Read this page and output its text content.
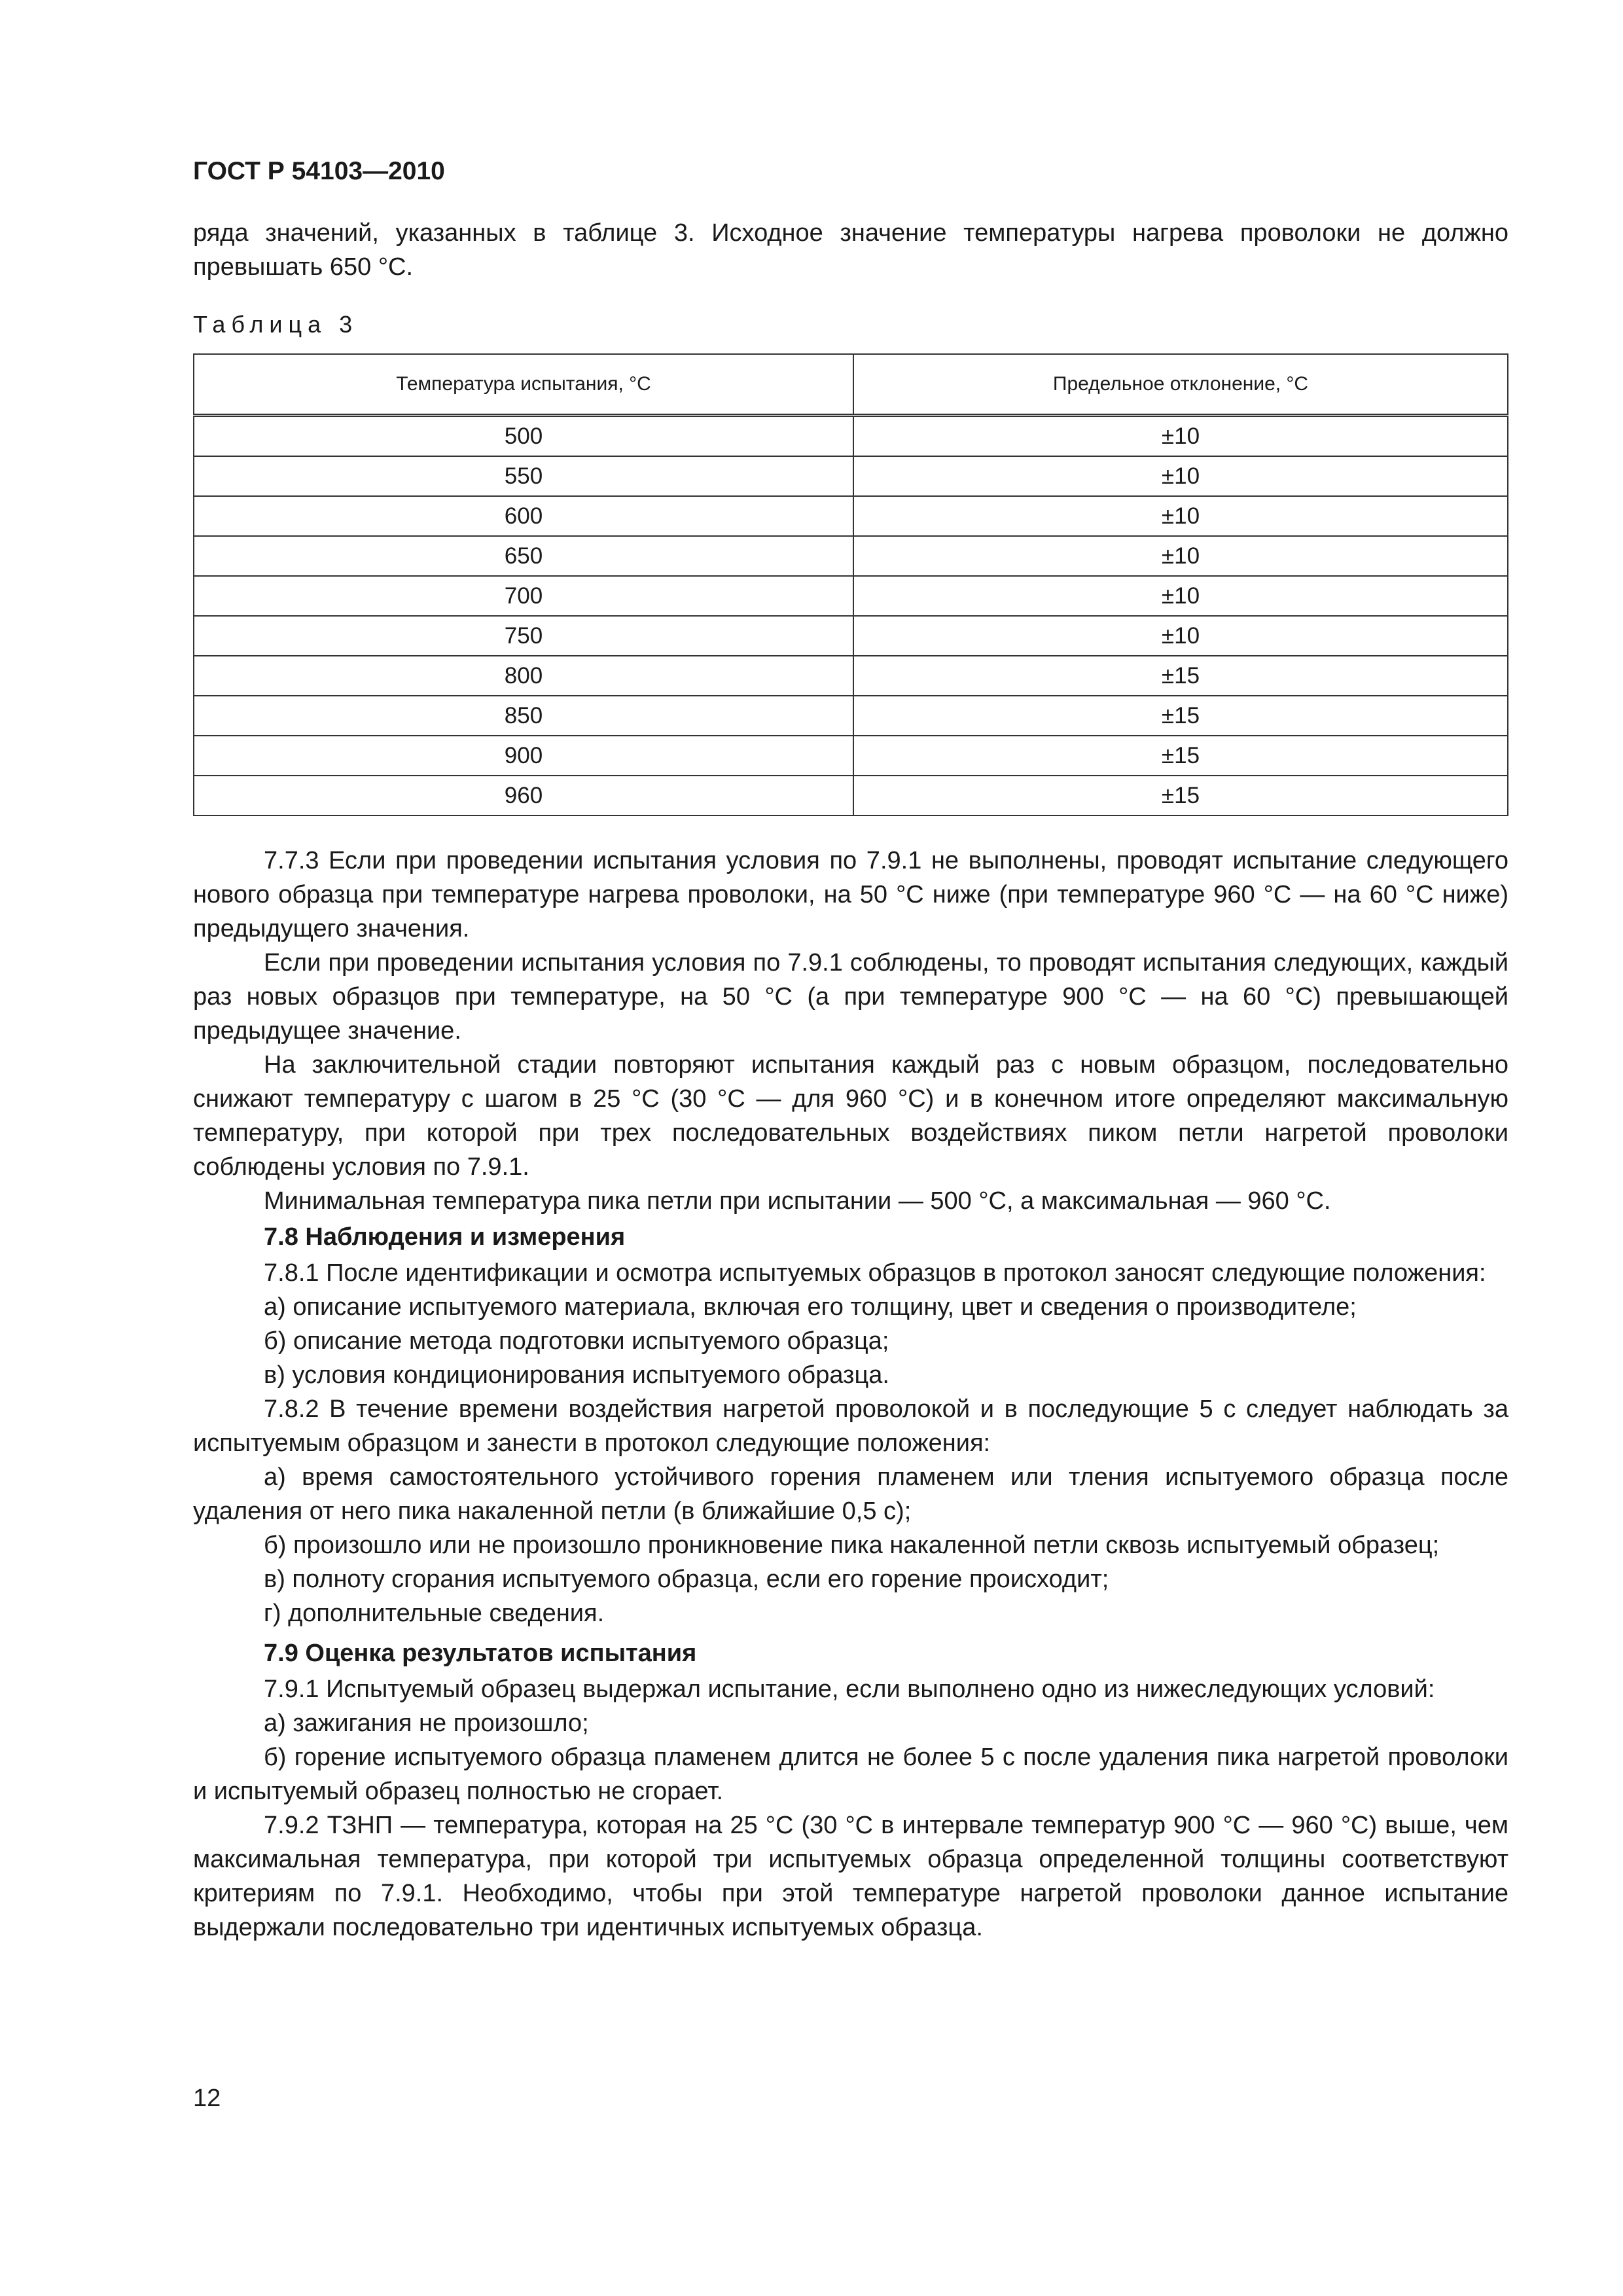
ГОСТ Р 54103—2010

ряда значений, указанных в таблице 3. Исходное значение температуры нагрева проволоки не должно превышать 650 °С.

Таблица 3
Температура испытания, °С	Предельное отклонение, °С
500	±10
550	±10
600	±10
650	±10
700	±10
750	±10
800	±15
850	±15
900	±15
960	±15

7.7.3 Если при проведении испытания условия по 7.9.1 не выполнены, проводят испытание следующего нового образца при температуре нагрева проволоки, на 50 °С ниже (при температуре 960 °С — на 60 °С ниже) предыдущего значения.

Если при проведении испытания условия по 7.9.1 соблюдены, то проводят испытания следующих, каждый раз новых образцов при температуре, на 50 °С (а при температуре 900 °С — на 60 °С) превышающей предыдущее значение.

На заключительной стадии повторяют испытания каждый раз с новым образцом, последовательно снижают температуру с шагом в 25 °С (30 °С — для 960 °С) и в конечном итоге определяют максимальную температуру, при которой при трех последовательных воздействиях пиком петли нагретой проволоки соблюдены условия по 7.9.1.

Минимальная температура пика петли при испытании — 500 °С, а максимальная — 960 °С.

7.8 Наблюдения и измерения

7.8.1 После идентификации и осмотра испытуемых образцов в протокол заносят следующие положения:

а) описание испытуемого материала, включая его толщину, цвет и сведения о производителе;

б) описание метода подготовки испытуемого образца;

в) условия кондиционирования испытуемого образца.

7.8.2 В течение времени воздействия нагретой проволокой и в последующие 5 с следует наблюдать за испытуемым образцом и занести в протокол следующие положения:

а) время самостоятельного устойчивого горения пламенем или тления испытуемого образца после удаления от него пика накаленной петли (в ближайшие 0,5 с);

б) произошло или не произошло проникновение пика накаленной петли сквозь испытуемый образец;

в) полноту сгорания испытуемого образца, если его горение происходит;

г) дополнительные сведения.

7.9 Оценка результатов испытания

7.9.1 Испытуемый образец выдержал испытание, если выполнено одно из нижеследующих условий:

а) зажигания не произошло;

б) горение испытуемого образца пламенем длится не более 5 с после удаления пика нагретой проволоки и испытуемый образец полностью не сгорает.

7.9.2 ТЗНП — температура, которая на 25 °С (30 °С в интервале температур 900 °С — 960 °С) выше, чем максимальная температура, при которой три испытуемых образца определенной толщины соответствуют критериям по 7.9.1. Необходимо, чтобы при этой температуре нагретой проволоки данное испытание выдержали последовательно три идентичных испытуемых образца.

12
